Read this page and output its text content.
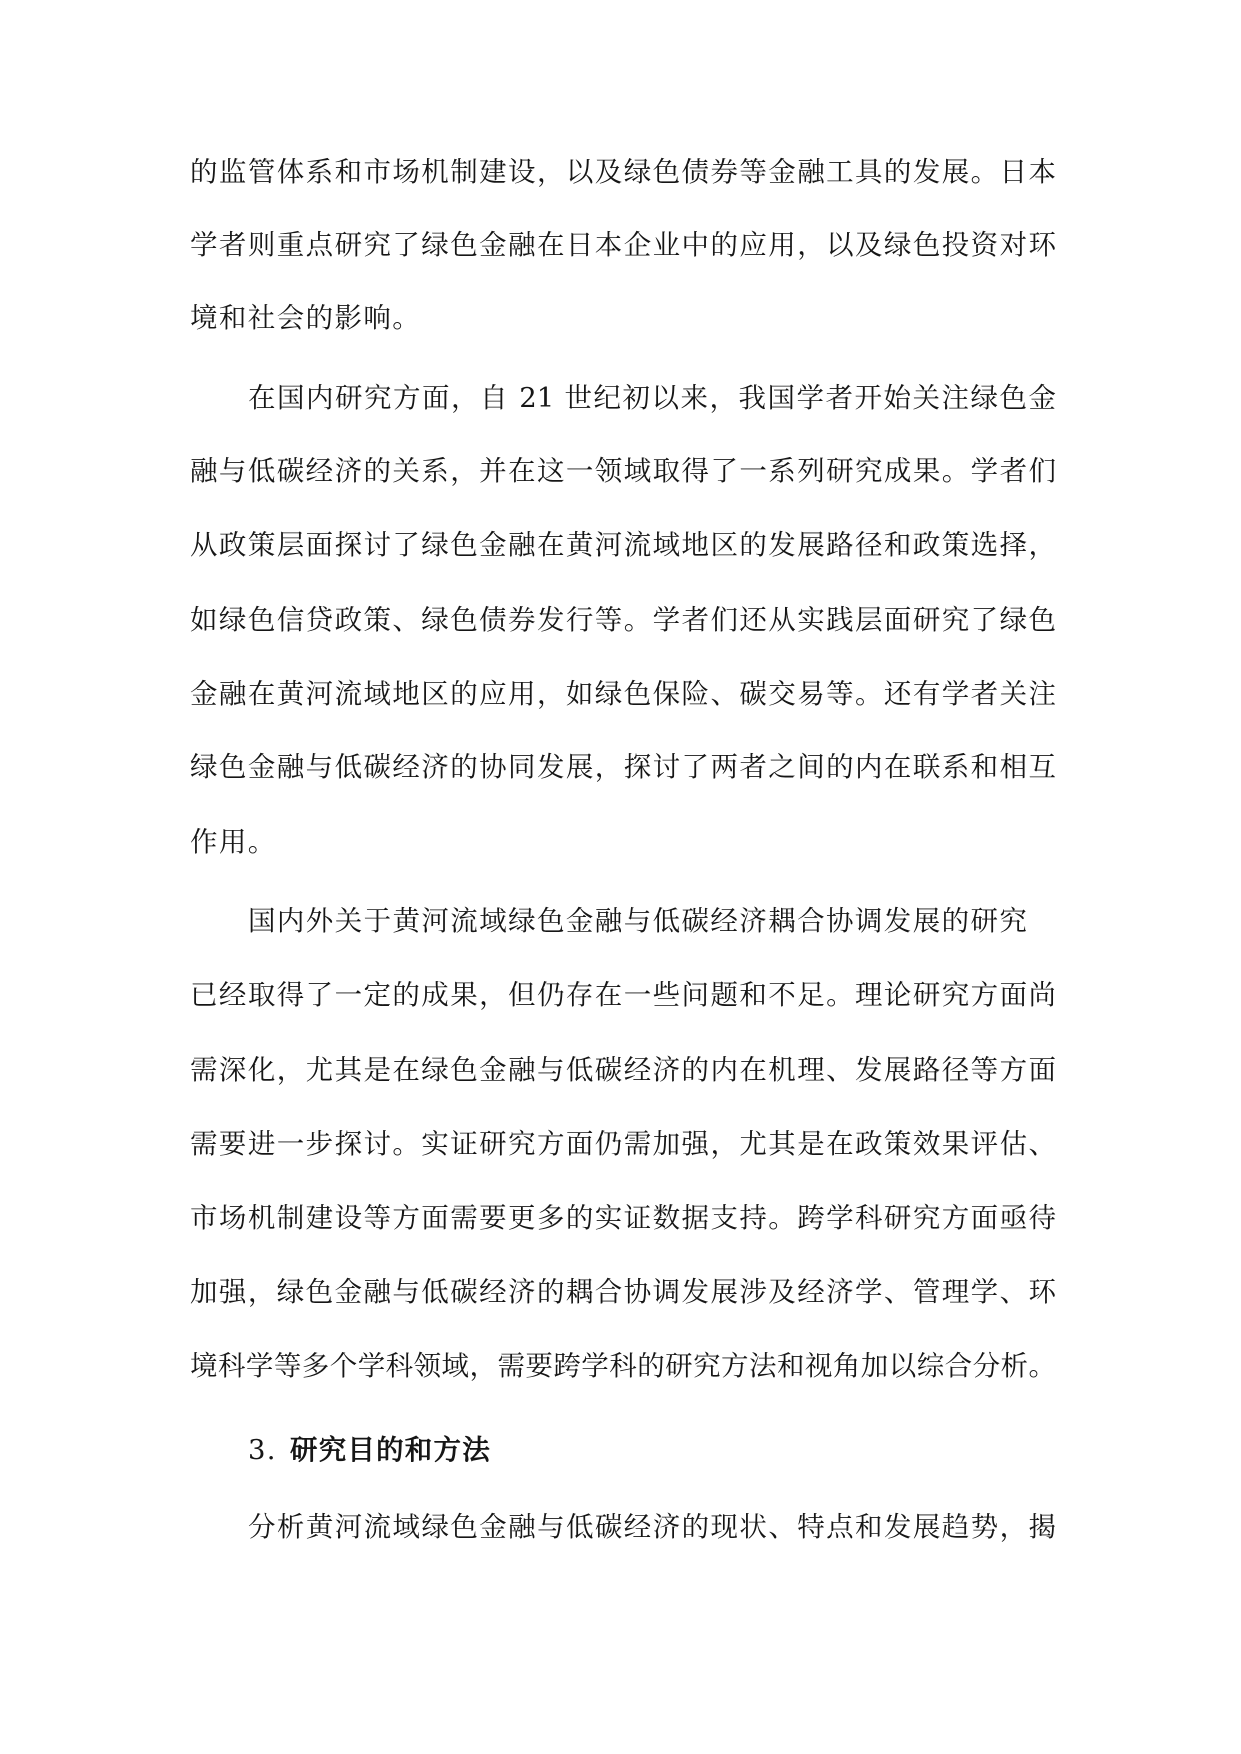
的监管体系和市场机制建设，以及绿色债券等金融工具的发展。日本
学者则重点研究了绿色金融在日本企业中的应用，以及绿色投资对环
境和社会的影响。
在国内研究方面，自 21 世纪初以来，我国学者开始关注绿色金
融与低碳经济的关系，并在这一领域取得了一系列研究成果。学者们
从政策层面探讨了绿色金融在黄河流域地区的发展路径和政策选择，
如绿色信贷政策、绿色债券发行等。学者们还从实践层面研究了绿色
金融在黄河流域地区的应用，如绿色保险、碳交易等。还有学者关注
绿色金融与低碳经济的协同发展，探讨了两者之间的内在联系和相互
作用。
国内外关于黄河流域绿色金融与低碳经济耦合协调发展的研究
已经取得了一定的成果，但仍存在一些问题和不足。理论研究方面尚
需深化，尤其是在绿色金融与低碳经济的内在机理、发展路径等方面
需要进一步探讨。实证研究方面仍需加强，尤其是在政策效果评估、
市场机制建设等方面需要更多的实证数据支持。跨学科研究方面亟待
加强，绿色金融与低碳经济的耦合协调发展涉及经济学、管理学、环
境科学等多个学科领域，需要跨学科的研究方法和视角加以综合分析。
3. 研究目的和方法
分析黄河流域绿色金融与低碳经济的现状、特点和发展趋势，揭
